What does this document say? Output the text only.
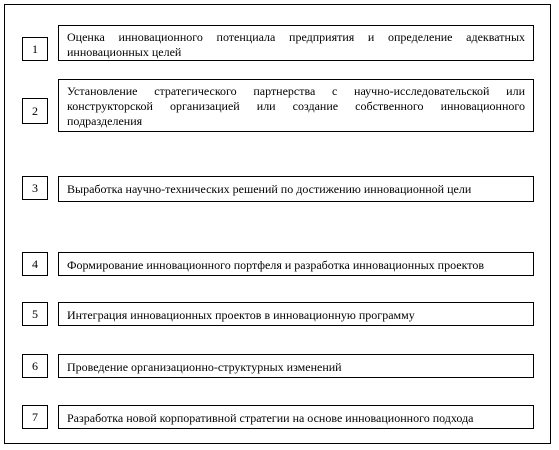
1
Оценка инновационного потенциала предприятия и определение адекватных инновационных целей
2
Установление стратегического партнерства с научно-исследовательской или конструкторской организацией или создание собственного инновационного подразделения
3	Выработка научно-технических решений по достижению инновационной цели
4	Формирование инновационного портфеля и разработка инновационных проектов
5	Интеграция инновационных проектов в инновационную программу
6	Проведение организационно-структурных изменений
7	Разработка новой корпоративной стратегии на основе инновационного подхода
